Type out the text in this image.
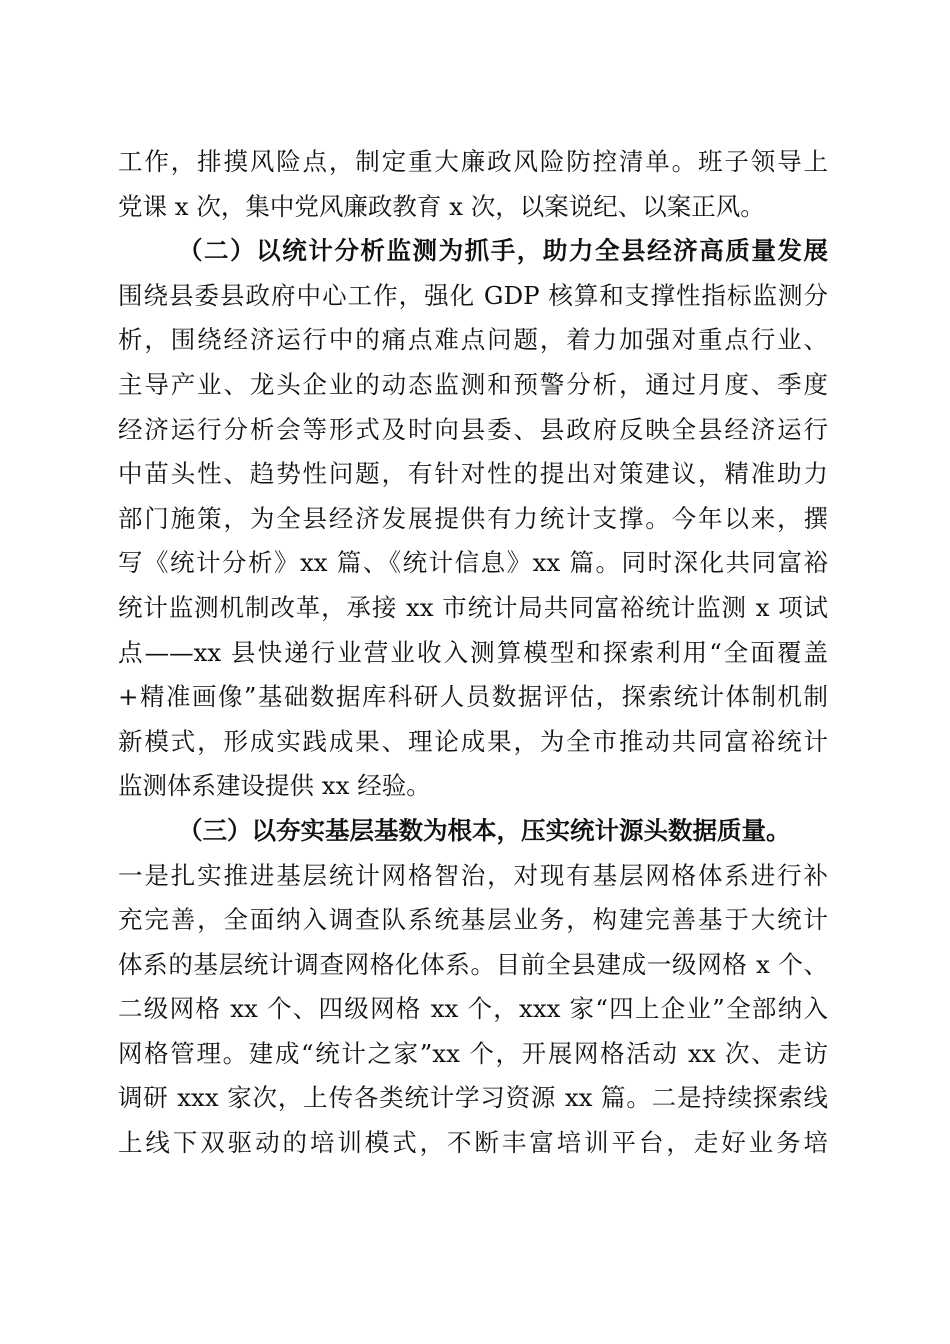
工作，排摸风险点，制定重大廉政风险防控清单。班子领导上
党课 x 次，集中党风廉政教育 x 次，以案说纪、以案正风。
（二）以统计分析监测为抓手，助力全县经济高质量发展
围绕县委县政府中心工作，强化 GDP 核算和支撑性指标监测分
析，围绕经济运行中的痛点难点问题，着力加强对重点行业、
主导产业、龙头企业的动态监测和预警分析，通过月度、季度
经济运行分析会等形式及时向县委、县政府反映全县经济运行
中苗头性、趋势性问题，有针对性的提出对策建议，精准助力
部门施策，为全县经济发展提供有力统计支撑。今年以来，撰
写《统计分析》xx 篇、《统计信息》xx 篇。同时深化共同富裕
统计监测机制改革，承接 xx 市统计局共同富裕统计监测 x 项试
点——xx 县快递行业营业收入测算模型和探索利用“全面覆盖
+精准画像”基础数据库科研人员数据评估，探索统计体制机制
新模式，形成实践成果、理论成果，为全市推动共同富裕统计
监测体系建设提供 xx 经验。
（三）以夯实基层基数为根本，压实统计源头数据质量。
一是扎实推进基层统计网格智治，对现有基层网格体系进行补
充完善，全面纳入调查队系统基层业务，构建完善基于大统计
体系的基层统计调查网格化体系。目前全县建成一级网格 x 个、
二级网格 xx 个、四级网格 xx 个，xxx 家“四上企业”全部纳入
网格管理。建成“统计之家”xx 个，开展网格活动 xx 次、走访
调研 xxx 家次，上传各类统计学习资源 xx 篇。二是持续探索线
上线下双驱动的培训模式，不断丰富培训平台，走好业务培
